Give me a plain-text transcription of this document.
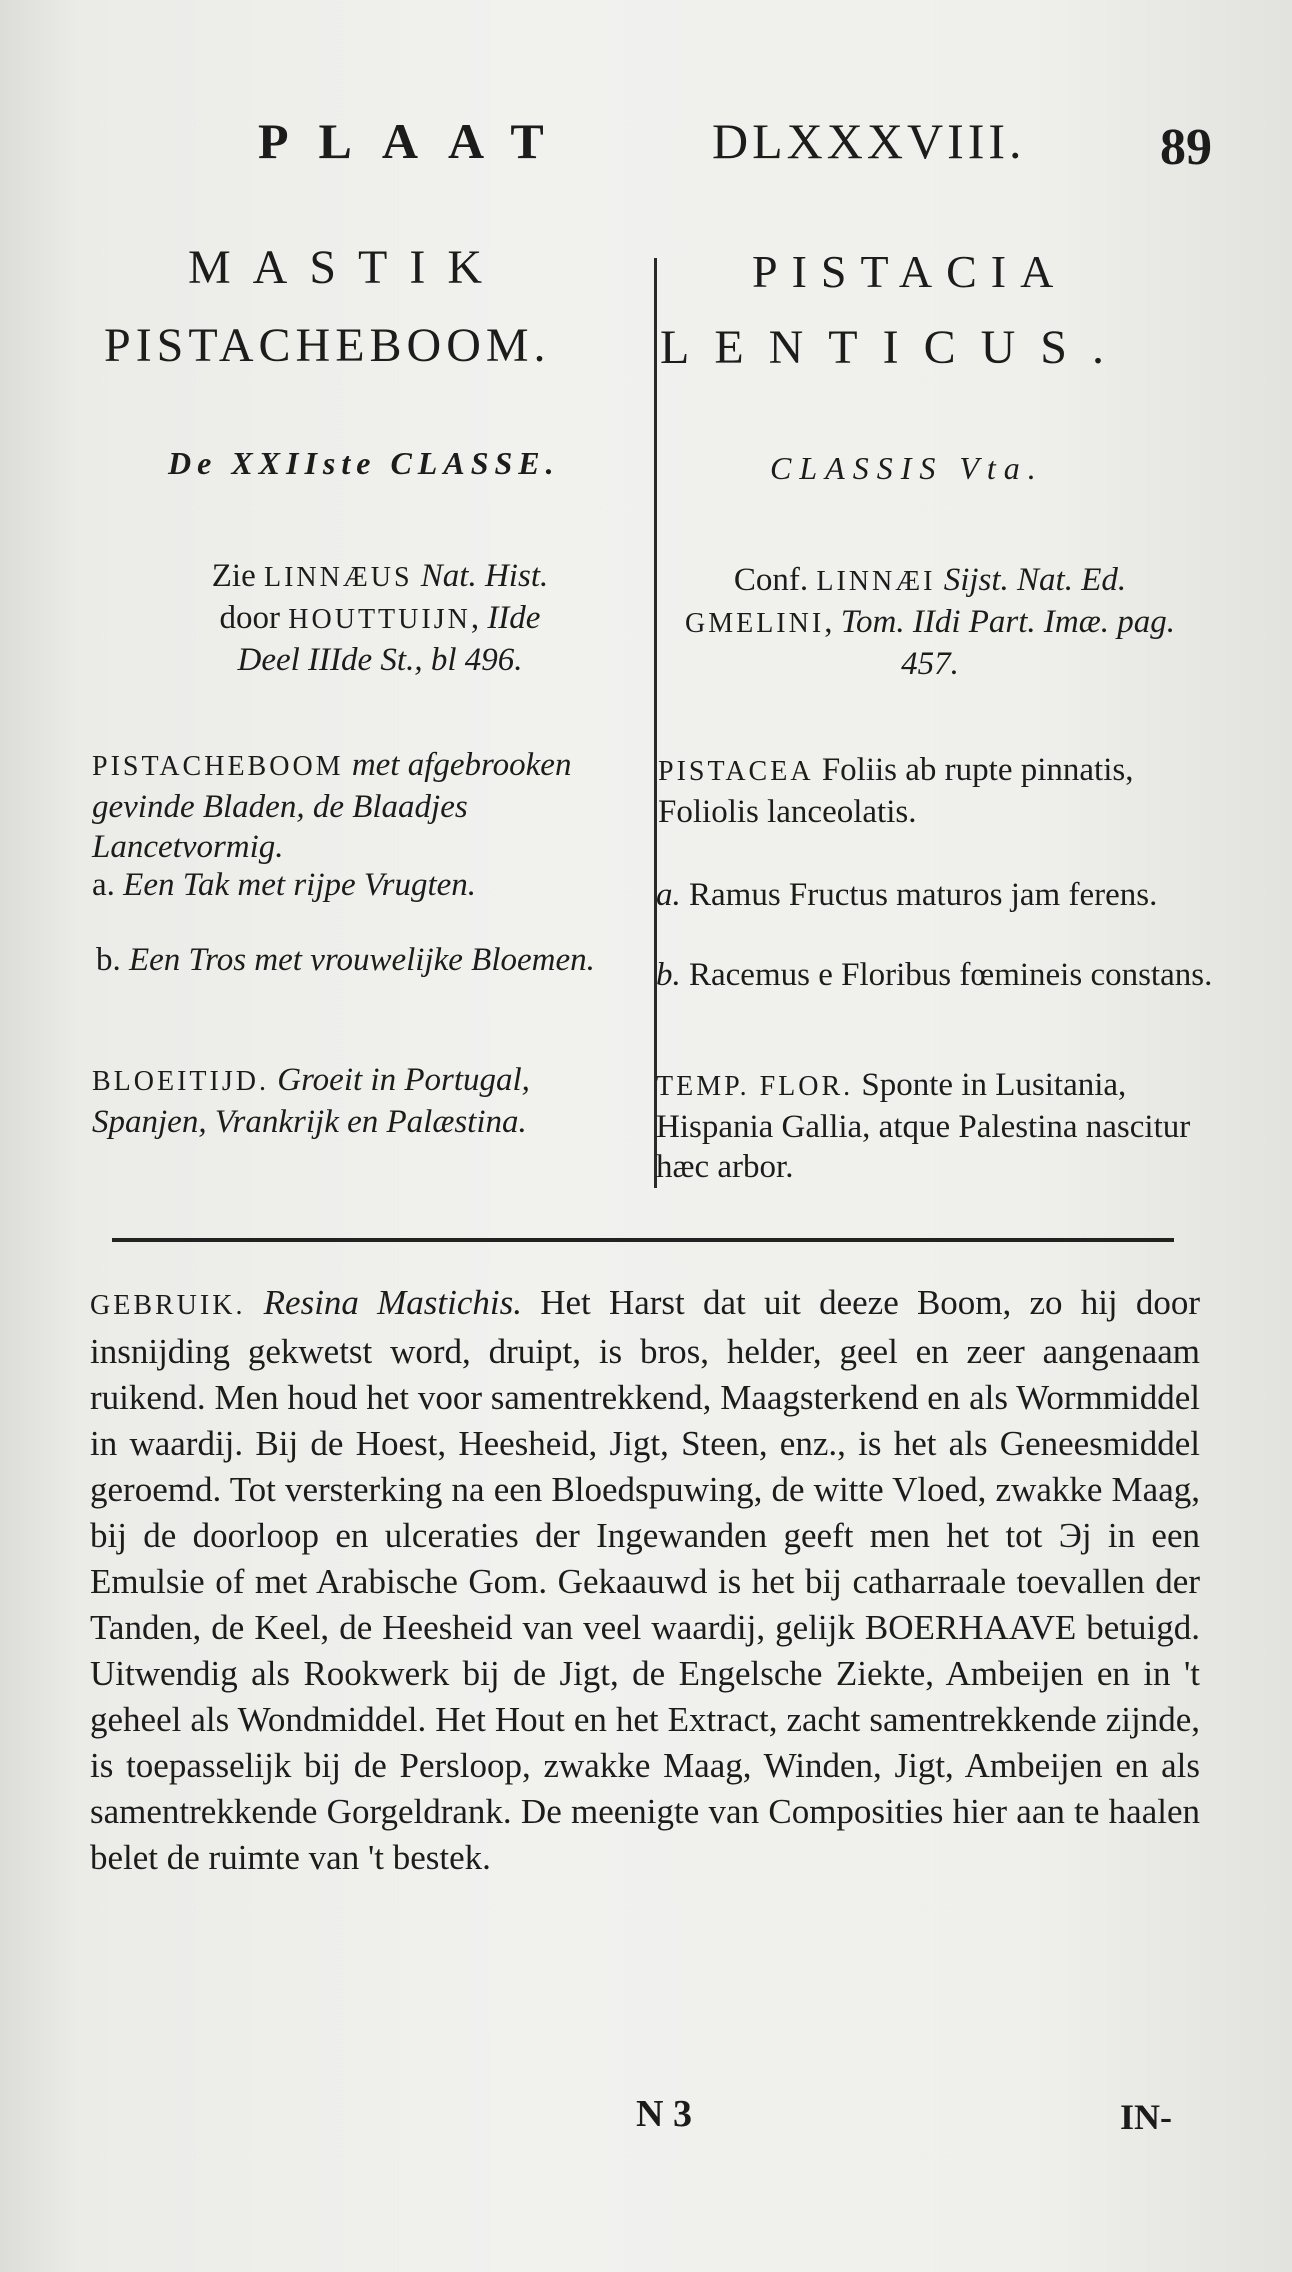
PLAAT	DLXXXVIII.	89
MASTIK
PISTACHEBOOM.
PISTACIA
LENTICUS.
De XXIIste CLASSE.	CLASSIS Vta.
Zie LINNÆUS Nat. Hist.
door HOUTTUIJN, IIde
Deel IIIde St., bl 496.
Conf. LINNÆI Sijst. Nat. Ed.
GMELINI, Tom. IIdi Part. Imæ. pag. 457.
PISTACHEBOOM met afgebrooken gevinde Bladen, de Blaadjes Lancetvormig.
PISTACEA Foliis ab rupte pinnatis, Foliolis lanceolatis.
a. Een Tak met rijpe Vrugten.
b. Een Tros met vrouwelijke Bloemen.
a. Ramus Fructus maturos jam ferens.
b. Racemus e Floribus fœmineis constans.
BLOEITIJD. Groeit in Portugal, Spanjen, Vrankrijk en Palæstina.
TEMP. FLOR. Sponte in Lusitania, Hispania Gallia, atque Palestina nascitur hæc arbor.
GEBRUIK. Resina Mastichis. Het Harst dat uit deeze Boom, zo hij door insnijding gekwetst word, druipt, is bros, helder, geel en zeer aangenaam ruikend. Men houd het voor samentrekkend, Maagsterkend en als Wormmiddel in waardij. Bij de Hoest, Heesheid, Jigt, Steen, enz., is het als Geneesmiddel geroemd. Tot versterking na een Bloedspuwing, de witte Vloed, zwakke Maag, bij de doorloop en ulceraties der Ingewanden geeft men het tot Эj in een Emulsie of met Arabische Gom. Gekaauwd is het bij catharraale toevallen der Tanden, de Keel, de Heesheid van veel waardij, gelijk BOERHAAVE betuigd. Uitwendig als Rookwerk bij de Jigt, de Engelsche Ziekte, Ambeijen en in 't geheel als Wondmiddel. Het Hout en het Extract, zacht samentrekkende zijnde, is toepasselijk bij de Persloop, zwakke Maag, Winden, Jigt, Ambeijen en als samentrekkende Gorgeldrank. De meenigte van Composities hier aan te haalen belet de ruimte van 't bestek.
N 3	IN-
